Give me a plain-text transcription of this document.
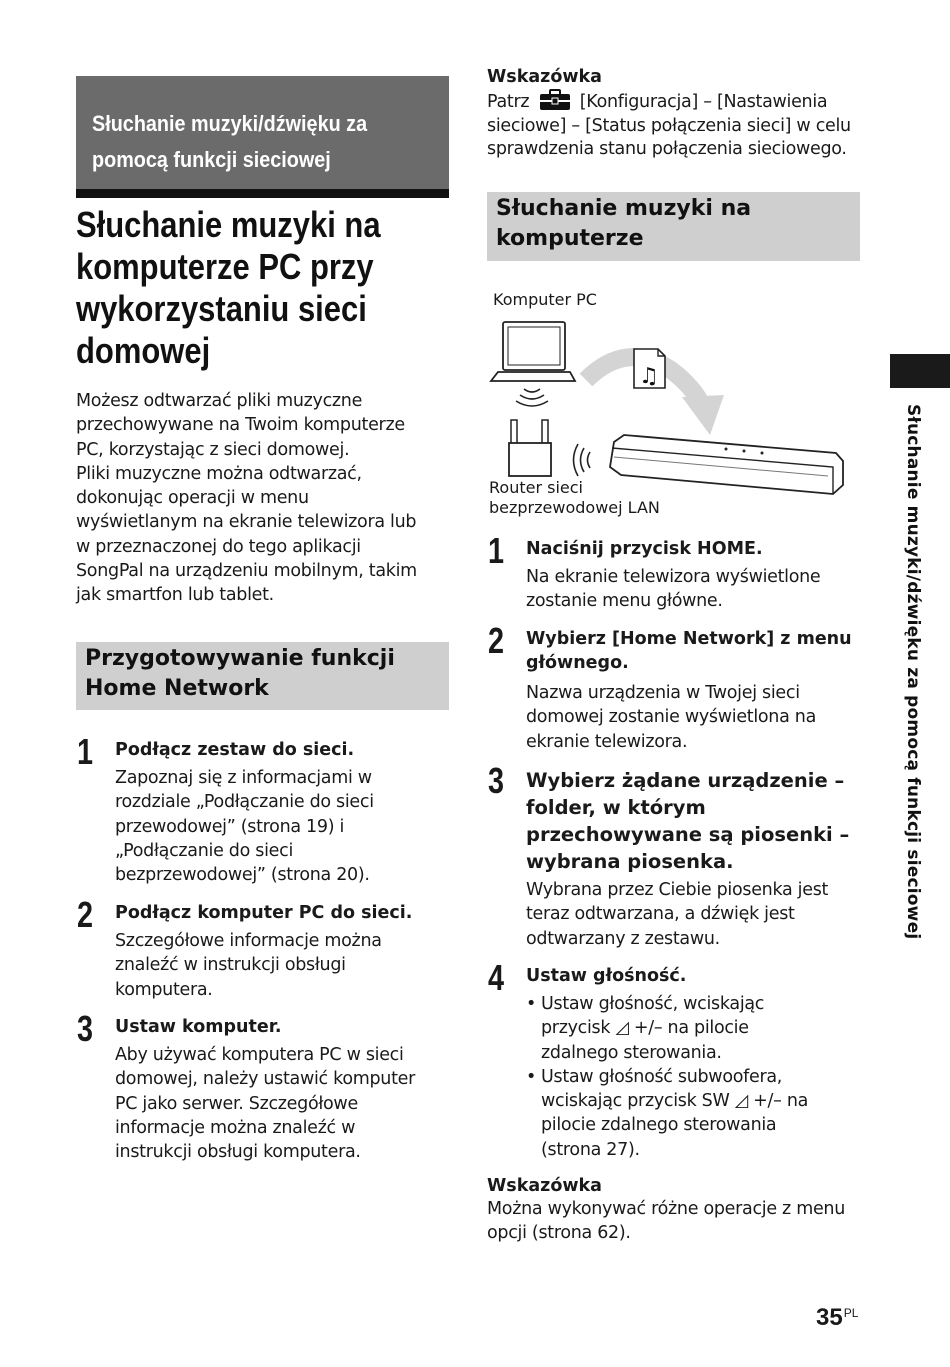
Słuchanie muzyki/dźwięku za
pomocą funkcji sieciowej
Słuchanie muzyki na
komputerze PC przy
wykorzystaniu sieci
domowej
Możesz odtwarzać pliki muzyczne
przechowywane na Twoim komputerze
PC, korzystając z sieci domowej.
Pliki muzyczne można odtwarzać,
dokonując operacji w menu
wyświetlanym na ekranie telewizora lub
w przeznaczonej do tego aplikacji
SongPal na urządzeniu mobilnym, takim
jak smartfon lub tablet.
Przygotowywanie funkcji
Home Network
1 Podłącz zestaw do sieci.
Zapoznaj się z informacjami w
rozdziale „Podłączanie do sieci
przewodowej” (strona 19) i
„Podłączanie do sieci
bezprzewodowej” (strona 20).
2 Podłącz komputer PC do sieci.
Szczegółowe informacje można
znaleźć w instrukcji obsługi
komputera.
3 Ustaw komputer.
Aby używać komputera PC w sieci
domowej, należy ustawić komputer
PC jako serwer. Szczegółowe
informacje można znaleźć w
instrukcji obsługi komputera.
Wskazówka
Patrz	[Konfiguracja] – [Nastawienia
sieciowe] – [Status połączenia sieci] w celu
sprawdzenia stanu połączenia sieciowego.
Słuchanie muzyki na
komputerze
Komputer PC
♫
Router sieci
bezprzewodowej LAN
1 Naciśnij przycisk HOME.
Na ekranie telewizora wyświetlone
zostanie menu główne.
2 Wybierz [Home Network] z menu
głównego.
Nazwa urządzenia w Twojej sieci
domowej zostanie wyświetlona na
ekranie telewizora.
3 Wybierz żądane urządzenie –
folder, w którym
przechowywane są piosenki –
wybrana piosenka.
Wybrana przez Ciebie piosenka jest
teraz odtwarzana, a dźwięk jest
odtwarzany z zestawu.
4 Ustaw głośność.
• Ustaw głośność, wciskając
przycisk ◿ +/– na pilocie
zdalnego sterowania.
• Ustaw głośność subwoofera,
wciskając przycisk SW ◿ +/– na
pilocie zdalnego sterowania
(strona 27).
Wskazówka
Można wykonywać różne operacje z menu
opcji (strona 62).
Słuchanie muzyki/dźwięku za pomocą funkcji sieciowej
$35^{PL}$
